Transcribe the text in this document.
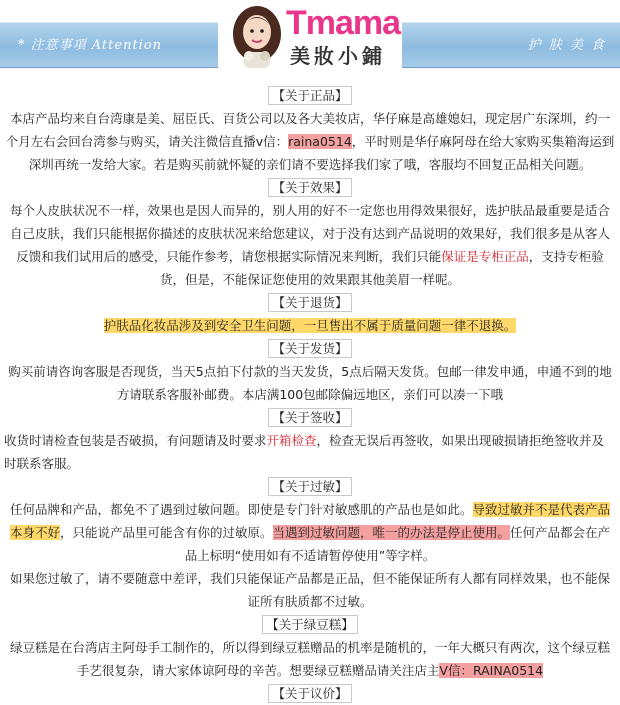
* 注意事項 Attention	护 肤 美 食
Tmama
美妝小鋪
【关于正品】
本店产品均来自台湾康是美、屈臣氏、百货公司以及各大美妆店，华仔麻是高雄媳妇，现定居广东深圳，约一个月左右会回台湾参与购买，请关注微信直播v信：raina0514，平时则是华仔麻阿母在给大家购买集箱海运到深圳再统一发给大家。若是购买前就怀疑的亲们请不要选择我们家了哦，客服均不回复正品相关问题。
【关于效果】
每个人皮肤状况不一样，效果也是因人而异的，别人用的好不一定您也用得效果很好，选护肤品最重要是适合自己皮肤，我们只能根据你描述的皮肤状况来给您建议，对于没有达到产品说明的效果好，我们很多是从客人反馈和我们试用后的感受，只能作参考，请您根据实际情况来判断，我们只能保证是专柜正品，支持专柜验货，但是，不能保证您使用的效果跟其他美眉一样呢。
【关于退货】
护肤品化妆品涉及到安全卫生问题，一旦售出不属于质量问题一律不退换。
【关于发货】
购买前请咨询客服是否现货，当天5点拍下付款的当天发货，5点后隔天发货。包邮一律发申通，申通不到的地方请联系客服补邮费。本店满100包邮除偏远地区，亲们可以凑一下哦
【关于签收】
收货时请检查包装是否破损，有问题请及时要求开箱检查，检查无误后再签收，如果出现破损请拒绝签收并及时联系客服。
【关于过敏】
任何品牌和产品，都免不了遇到过敏问题。即使是专门针对敏感肌的产品也是如此。导致过敏并不是代表产品本身不好，只能说产品里可能含有你的过敏原。当遇到过敏问题，唯一的办法是停止使用。任何产品都会在产品上标明“使用如有不适请暂停使用”等字样。
如果您过敏了，请不要随意中差评，我们只能保证产品都是正品，但不能保证所有人都有同样效果，也不能保证所有肤质都不过敏。
【关于绿豆糕】
绿豆糕是在台湾店主阿母手工制作的，所以得到绿豆糕赠品的机率是随机的，一年大概只有两次，这个绿豆糕手艺很复杂，请大家体谅阿母的辛苦。想要绿豆糕赠品请关注店主V信：RAINA0514
【关于议价】
